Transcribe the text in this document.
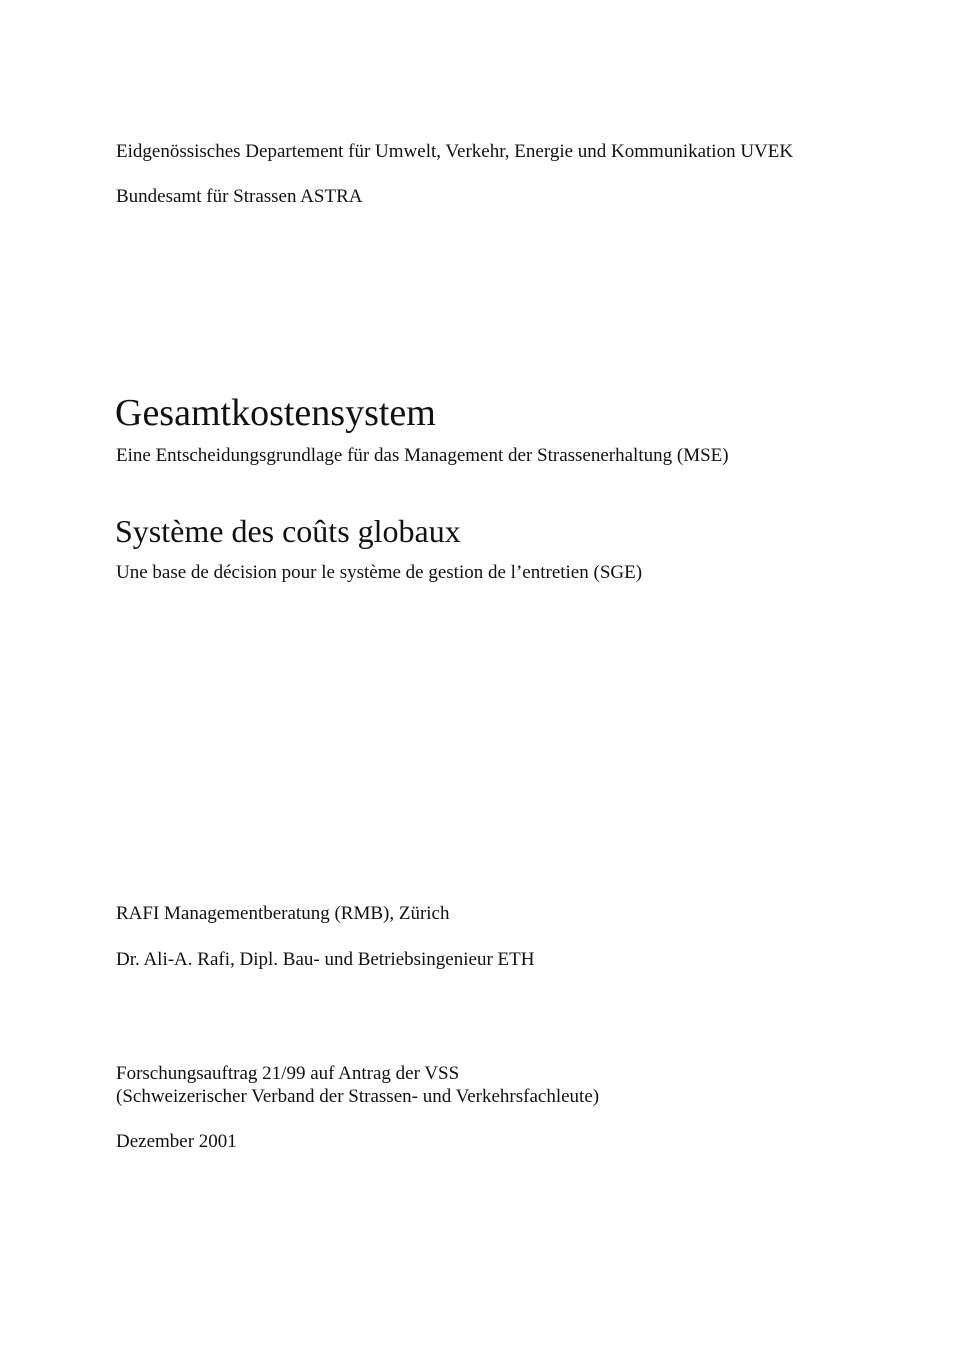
Eidgenössisches Departement für Umwelt, Verkehr, Energie und Kommunikation UVEK
Bundesamt für Strassen ASTRA
Gesamtkostensystem
Eine Entscheidungsgrundlage für das Management der Strassenerhaltung (MSE)
Système des coûts globaux
Une base de décision pour le système de gestion de l’entretien (SGE)
RAFI Managementberatung (RMB), Zürich
Dr. Ali-A. Rafi, Dipl. Bau- und Betriebsingenieur ETH
Forschungsauftrag 21/99 auf Antrag der VSS
(Schweizerischer Verband der Strassen- und Verkehrsfachleute)
Dezember 2001
